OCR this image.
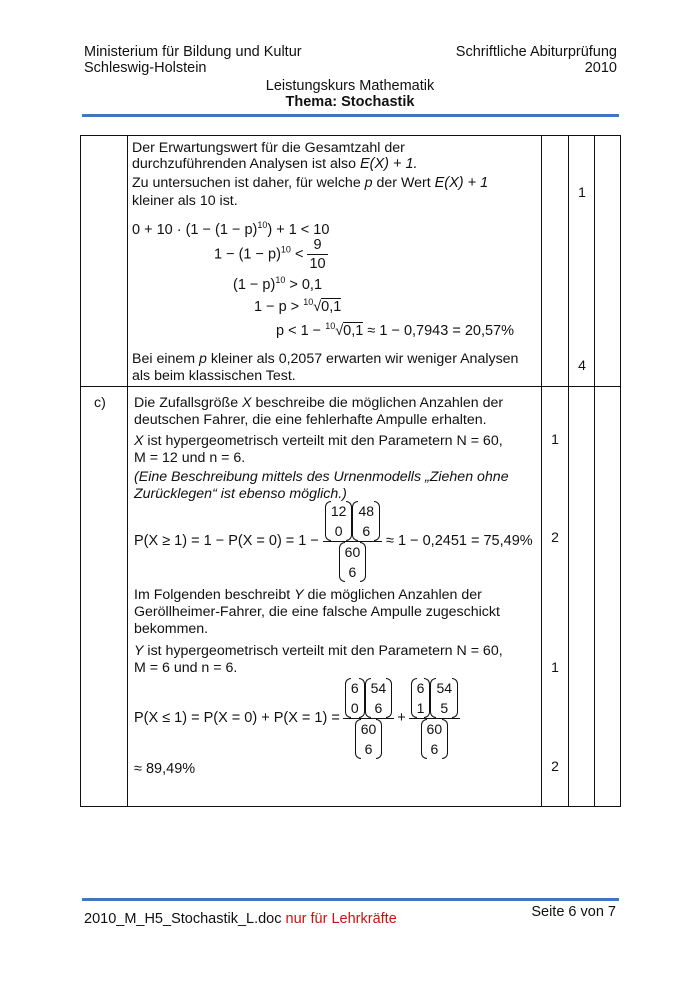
Ministerium für Bildung und Kultur
Schleswig-Holstein
Schriftliche Abiturprüfung
2010
Leistungskurs Mathematik
Thema: Stochastik
Der Erwartungswert für die Gesamtzahl der
durchzuführenden Analysen ist also E(X) + 1.
Zu untersuchen ist daher, für welche p der Wert E(X) + 1
kleiner als 10 ist.
$0 + 10 \cdot (1 - (1 - p)^{10}) + 1 < 10$
$1 - (1 - p)^{10} < \frac{9}{10}$
$(1 - p)^{10} > 0,1$
1 − p > $^{10}$√0,1
p < 1 − $^{10}$√0,1 ≈ 1 − 0,7943 = 20,57%
Bei einem p kleiner als 0,2057 erwarten wir weniger Analysen
als beim klassischen Test.
1
4
c) Die Zufallsgröße X beschreibe die möglichen Anzahlen der
deutschen Fahrer, die eine fehlerhafte Ampulle erhalten.
X ist hypergeometrisch verteilt mit den Parametern N = 60,
M = 12 und n = 6.
(Eine Beschreibung mittels des Urnenmodells „Ziehen ohne
Zurücklegen“ ist ebenso möglich.)
P(X ≥ 1) = 1 − P(X = 0) = 1 − 12
0
48
6
60
6 ≈ 1 − 0,2451 = 75,49%
Im Folgenden beschreibt Y die möglichen Anzahlen der
Geröllheimer-Fahrer, die eine falsche Ampulle zugeschickt
bekommen.
Y ist hypergeometrisch verteilt mit den Parametern N = 60,
M = 6 und n = 6.
P(X ≤ 1) = P(X = 0) + P(X = 1) = 6
0
54
6
60
6 + 6
1
54
5
60
6
≈ 89,49%
1
2
1
2
2010_M_H5_Stochastik_L.doc nur für Lehrkräfte	Seite 6 von 7
